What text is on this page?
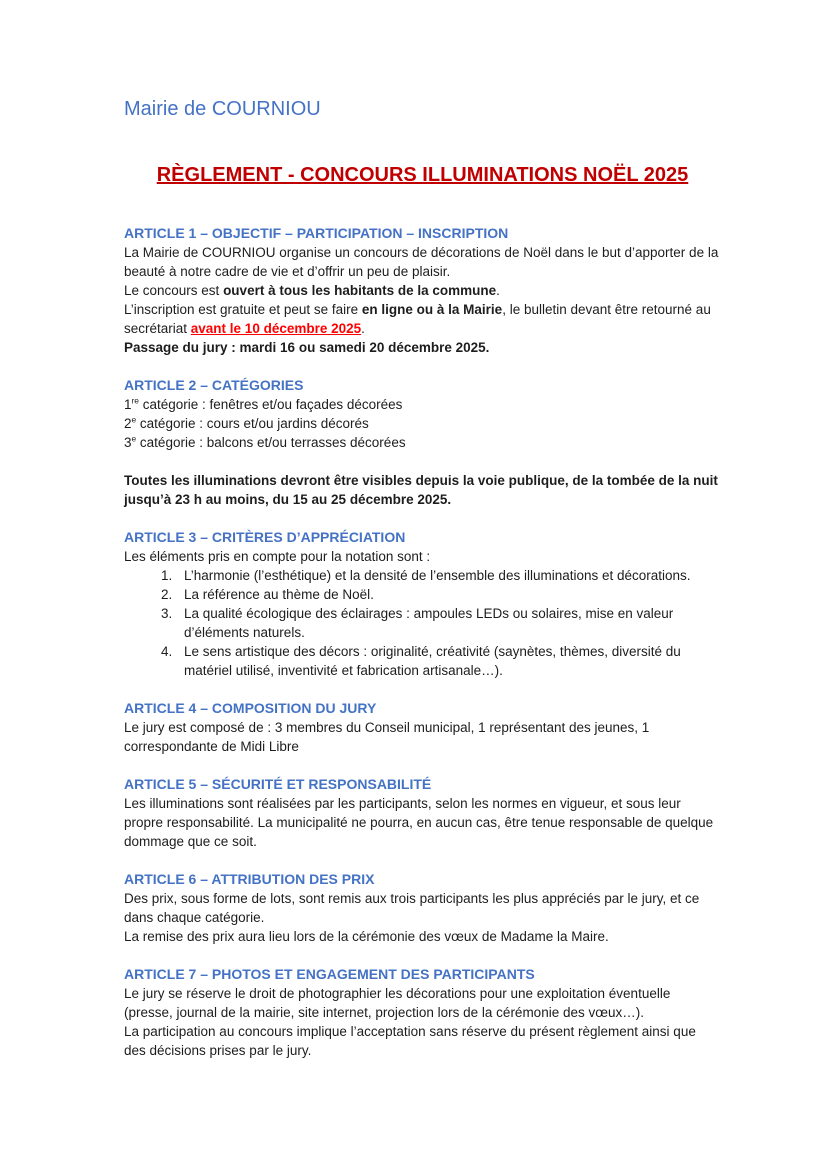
Mairie de COURNIOU
RÈGLEMENT - CONCOURS ILLUMINATIONS NOËL 2025
ARTICLE 1 – OBJECTIF – PARTICIPATION – INSCRIPTION

La Mairie de COURNIOU organise un concours de décorations de Noël dans le but d’apporter de la beauté à notre cadre de vie et d’offrir un peu de plaisir.

Le concours est ouvert à tous les habitants de la commune.

L’inscription est gratuite et peut se faire en ligne ou à la Mairie, le bulletin devant être retourné au secrétariat avant le 10 décembre 2025.

Passage du jury : mardi 16 ou samedi 20 décembre 2025.

ARTICLE 2 – CATÉGORIES

1re catégorie : fenêtres et/ou façades décorées

2e catégorie : cours et/ou jardins décorés

3e catégorie : balcons et/ou terrasses décorées

Toutes les illuminations devront être visibles depuis la voie publique, de la tombée de la nuit jusqu’à 23 h au moins, du 15 au 25 décembre 2025.

ARTICLE 3 – CRITÈRES D’APPRÉCIATION

Les éléments pris en compte pour la notation sont :

1. L’harmonie (l’esthétique) et la densité de l’ensemble des illuminations et décorations.
2. La référence au thème de Noël.
3. La qualité écologique des éclairages : ampoules LEDs ou solaires, mise en valeur d’éléments naturels.
4. Le sens artistique des décors : originalité, créativité (saynètes, thèmes, diversité du matériel utilisé, inventivité et fabrication artisanale…).
ARTICLE 4 – COMPOSITION DU JURY

Le jury est composé de : 3 membres du Conseil municipal, 1 représentant des jeunes, 1 correspondante de Midi Libre

ARTICLE 5 – SÉCURITÉ ET RESPONSABILITÉ

Les illuminations sont réalisées par les participants, selon les normes en vigueur, et sous leur propre responsabilité. La municipalité ne pourra, en aucun cas, être tenue responsable de quelque dommage que ce soit.

ARTICLE 6 – ATTRIBUTION DES PRIX

Des prix, sous forme de lots, sont remis aux trois participants les plus appréciés par le jury, et ce dans chaque catégorie.

La remise des prix aura lieu lors de la cérémonie des vœux de Madame la Maire.

ARTICLE 7 – PHOTOS ET ENGAGEMENT DES PARTICIPANTS

Le jury se réserve le droit de photographier les décorations pour une exploitation éventuelle (presse, journal de la mairie, site internet, projection lors de la cérémonie des vœux…).

La participation au concours implique l’acceptation sans réserve du présent règlement ainsi que des décisions prises par le jury.
